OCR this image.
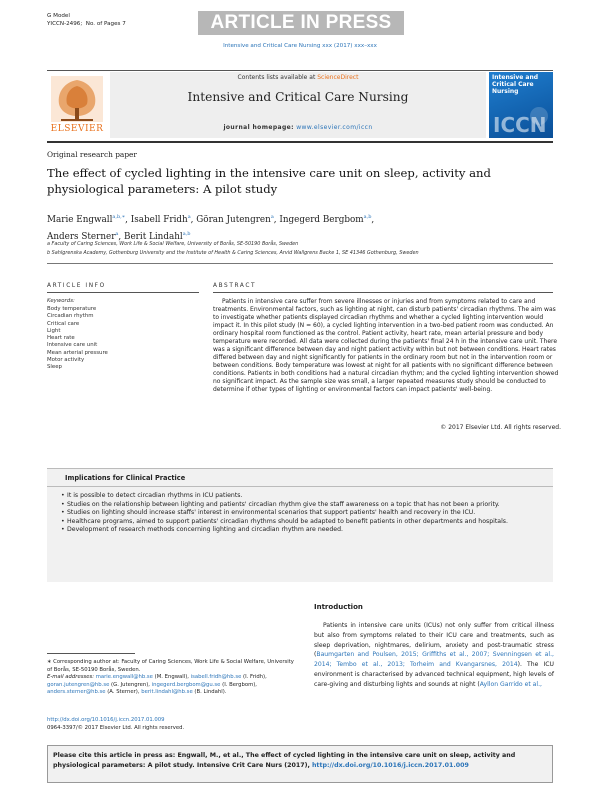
G Model
YICCN-2496; No. of Pages 7	ARTICLE IN PRESS
Intensive and Critical Care Nursing xxx (2017) xxx–xxx
ELSEVIER
Contents lists available at ScienceDirect
Intensive and Critical Care Nursing
journal homepage: www.elsevier.com/iccn	ICCN
Intensive and Critical Care Nursing
Original research paper
The effect of cycled lighting in the intensive care unit on sleep, activity and physiological parameters: A pilot study
Marie Engwall$^{a,b,∗}$, Isabell Fridh$^a$, Göran Jutengren$^a$, Ingegerd Bergbom$^{a,b}$,
Anders Sterner$^a$, Berit Lindahl$^{a,b}$
a Faculty of Caring Sciences, Work Life & Social Welfare, University of Borås, SE-50190 Borås, Sweden
b Sahlgrenska Academy, Gothenburg University and the Institute of Health & Caring Sciences, Arvid Wallgrens Backe 1, SE 41346 Gothenburg, Sweden
ARTICLE INFO
Keywords:
Body temperature
Circadian rhythm
Critical care
Light
Heart rate
Intensive care unit
Mean arterial pressure
Motor activity
Sleep
ABSTRACT
Patients in intensive care suffer from severe illnesses or injuries and from symptoms related to care and treatments. Environmental factors, such as lighting at night, can disturb patients' circadian rhythms. The aim was to investigate whether patients displayed circadian rhythms and whether a cycled lighting intervention would impact it. In this pilot study (N = 60), a cycled lighting intervention in a two-bed patient room was conducted. An ordinary hospital room functioned as the control. Patient activity, heart rate, mean arterial pressure and body temperature were recorded. All data were collected during the patients' final 24 h in the intensive care unit. There was a significant difference between day and night patient activity within but not between conditions. Heart rates differed between day and night significantly for patients in the ordinary room but not in the intervention room or between conditions. Body temperature was lowest at night for all patients with no significant difference between conditions. Patients in both conditions had a natural circadian rhythm; and the cycled lighting intervention showed no significant impact. As the sample size was small, a larger repeated measures study should be conducted to determine if other types of lighting or environmental factors can impact patients' well-being.
© 2017 Elsevier Ltd. All rights reserved.
Implications for Clinical Practice
• It is possible to detect circadian rhythms in ICU patients.
• Studies on the relationship between lighting and patients' circadian rhythm give the staff awareness on a topic that has not been a priority.
• Studies on lighting should increase staffs' interest in environmental scenarios that support patients' health and recovery in the ICU.
• Healthcare programs, aimed to support patients' circadian rhythms should be adapted to benefit patients in other departments and hospitals.
• Development of research methods concerning lighting and circadian rhythm are needed.
Introduction
Patients in intensive care units (ICUs) not only suffer from critical illness but also from symptoms related to their ICU care and treatments, such as sleep deprivation, nightmares, delirium, anxiety and post-traumatic stress (Baumgarten and Poulsen, 2015; Griffiths et al., 2007; Svenningsen et al., 2014; Tembo et al., 2013; Torheim and Kvangarsnes, 2014). The ICU environment is characterised by advanced technical equipment, high levels of care-giving and disturbing lights and sounds at night (Ayllon Garrido et al.,
∗ Corresponding author at: Faculty of Caring Sciences, Work Life & Social Welfare, University of Borås, SE-50190 Borås, Sweden.
E-mail addresses: marie.engwall@hb.se (M. Engwall), isabell.fridh@hb.se (I. Fridh), goran.jutengren@hb.se (G. Jutengren), ingegerd.bergbom@gu.se (I. Bergbom), anders.sterner@hb.se (A. Sterner), berit.lindahl@hb.se (B. Lindahl).
http://dx.doi.org/10.1016/j.iccn.2017.01.009
0964-3397/© 2017 Elsevier Ltd. All rights reserved.
Please cite this article in press as: Engwall, M., et al., The effect of cycled lighting in the intensive care unit on sleep, activity and physiological parameters: A pilot study. Intensive Crit Care Nurs (2017), http://dx.doi.org/10.1016/j.iccn.2017.01.009
